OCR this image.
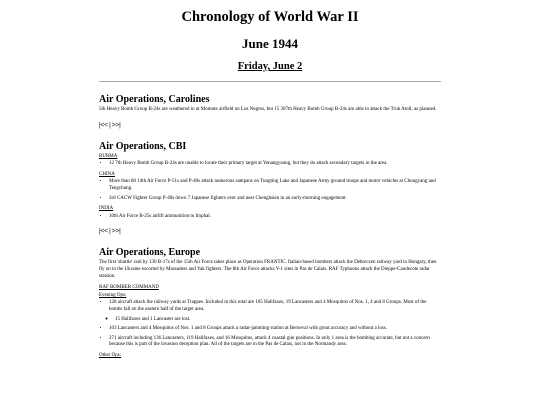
Chronology of World War II
June 1944
Friday, June 2
Air Operations, Carolines

5th Heavy Bomb Group B-24s are weathered in at Momote airfield on Los Negros, but 15 307th Heavy Bomb Group B-24s are able to attack the Truk Atoll, as planned.

|<< | >>|
Air Operations, CBI
BURMA
• 12 7th Heavy Bomb Group B-24s are unable to locate their primary target at Yenangyaung, but they do attack secondary targets in the area.
CHINA
• More than 80 14th Air Force P-51s and P-40s attack numerous sampans on Tungting Lake and Japanese Army ground troops and motor vehicles at Chungyang and Tengchung.
• 3rd CACW Fighter Group P-40s down 7 Japanese fighters over and near Chenghsien in an early-morning engagement.
INDIA
• 10th Air Force B-25s airlift ammunition to Imphal.
|<< | >>|
Air Operations, Europe

The first 'shuttle' raid by 130 B-17s of the 15th Air Force takes place as Operation FRANTIC. Italian-based bombers attack the Debreczen railway yard in Hungary, then fly on to the Ukraine escorted by Marauders and Yak fighters. The 8th Air Force attacks V-1 sites in Pas de Calais. RAF Typhoons attack the Dieppe-Caudecote radar staision.

RAF BOMBER COMMAND
Evening Ops:
• 128 aircraft attack the railway yards at Trappes. Included in this total are 105 Halifaxes, 19 Lancasters and 4 Mosquitos of Nos. 1, 4 and 8 Groups. Most of the bombs fall on the eastern half of the target area.
◦ 15 Halifaxes and 1 Lancaster are lost.
• 103 Lancasters and 4 Mosquitos of Nos. 1 and 8 Groups attack a radar-jamming station at Berneval with great accuracy and without a loss.
• 271 aircraft including 136 Lancasters, 119 Halifaxes, and 16 Mosquitos, attack 4 coastal gun positions. In only 1 area is the bombing accurate, but not a concern because this is part of the invasion deception plan. All of the targets are in the Pas de Calais, not in the Normandy area.
Other Ops:
